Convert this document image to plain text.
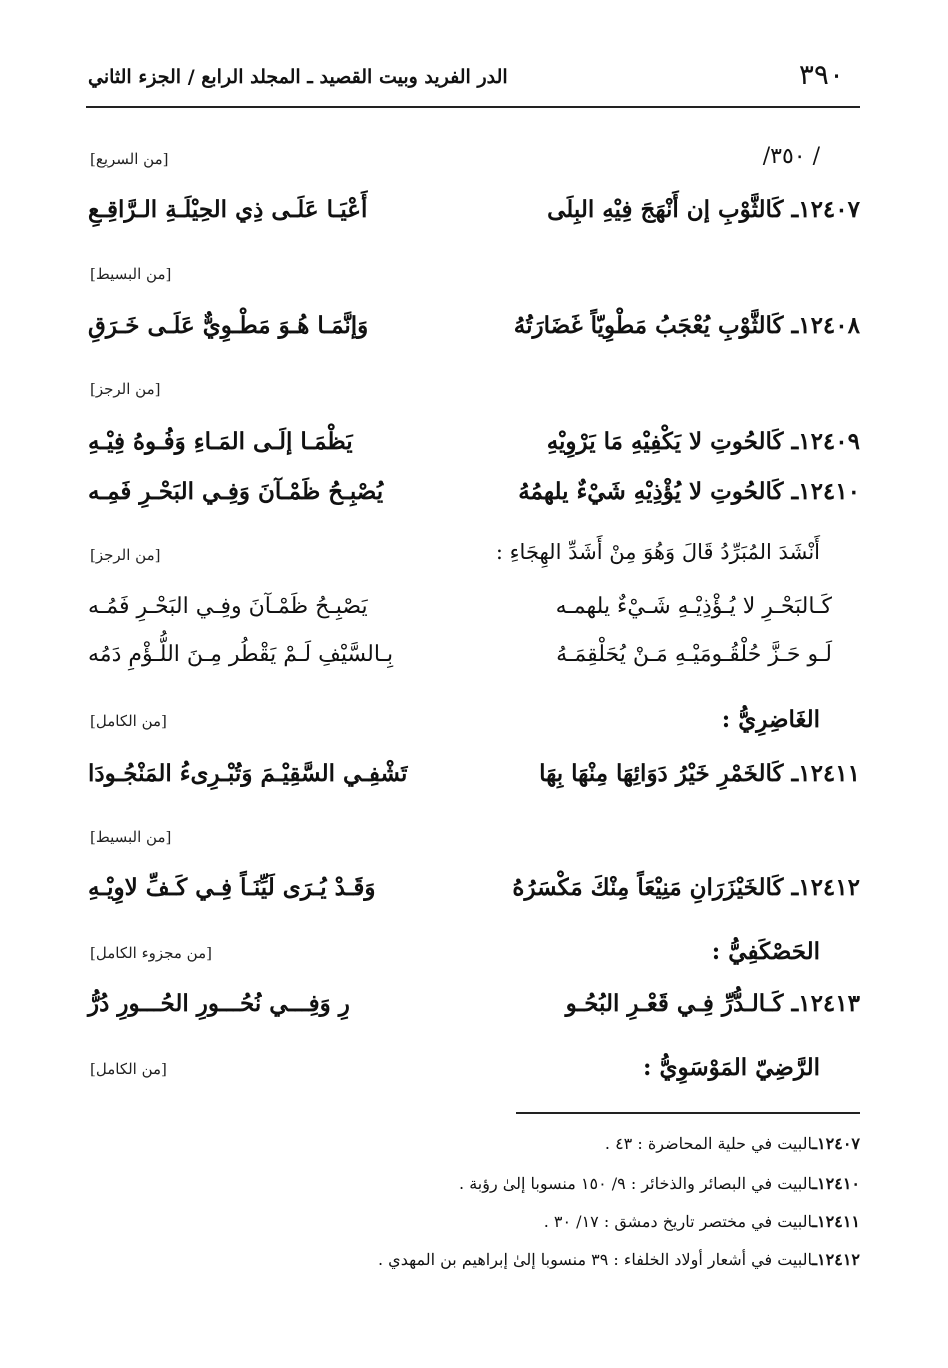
٣٩٠
الدر الفريد وبيت القصيد ـ المجلد الرابع / الجزء الثاني
/ ٣٥٠/
[من السريع]
١٢٤٠٧ـ كَالثَّوْبِ إن أَنْهَجَ فِيْهِ البِلَى
أَعْيَـا عَلَـى ذِي الحِيْلَـةِ الـرَّاقِـعِ
[من البسيط]
١٢٤٠٨ـ كَالثَّوْبِ يُعْجَبُ مَطْوِيّاً غَضَارَتُهُ
وَإنَّمَـا هُـوَ مَطْـوِيٌّ عَلَـى خَـرَقِ
[من الرجز]
١٢٤٠٩ـ كَالحُوتِ لا يَكْفِيْهِ مَا يَرْوِيْهِ
يَظْمَـا إلَـى المَـاءِ وَفُـوهُ فِيْـهِ
١٢٤١٠ـ كَالحُوتِ لا يُؤْذِيْهِ شَيْءٌ يلهمُهُ
يُصْبِـحُ ظَمْـآنَ وَفِـي البَحْـرِ فَمِـه
[من الرجز]	أَنْشَدَ المُبَرِّدُ قَالَ وَهُوَ مِنْ أَشَدِّ الهِجَاءِ :
كَـالبَحْـرِ لا يُـؤْذِيْـهِ شَـيْءٌ يلهمـه
يَصْبِـحُ ظَمْـآنَ وفِـي البَحْـرِ فَمُـه
لَـو حَـزَّ حُلْقُـومَيْـهِ مَـنْ يُحَلْقِمَـهُ
بِـالسَّيْفِ لَـمْ يَقْطُر مِـنَ اللُّـؤْمِ دَمُه
[من الكامل]	الغَاضِرِيُّ :
١٢٤١١ـ كَالخَمْرِ خَيْرُ دَوَائِهَا مِنْهَا بِهَا
تَشْفِـي السَّقِيْـمَ وَتُبْـرِىءُ المَنْجُـودَا
[من البسيط]
١٢٤١٢ـ كَالخَيْزَرَانِ مَنِيْعَاً مِنْكَ مَكْسَرُهُ
وَقَـدْ يُـرَى لَيِّنَـاً فِـي كَـفِّ لاوِيْـهِ
[من مجزوء الكامل]	الحَصْكَفِيُّ :
١٢٤١٣ـ كَـالـدُّرِّ فِـي قَعْـرِ البُحُـو
رِ وَفِـــي نُحُـــورِ الحُـــورِ دُرُّ
[من الكامل]	الرَّضِيّ المَوْسَوِيُّ :
١٢٤٠٧ـالبيت في حلية المحاضرة : ٤٣ .
١٢٤١٠ـالبيت في البصائر والذخائر : ٩/ ١٥٠ منسوبا إلىٰ رؤبة .
١٢٤١١ـالبيت في مختصر تاريخ دمشق : ١٧/ ٣٠ .
١٢٤١٢ـالبيت في أشعار أولاد الخلفاء : ٣٩ منسوبا إلىٰ إبراهيم بن المهدي .
